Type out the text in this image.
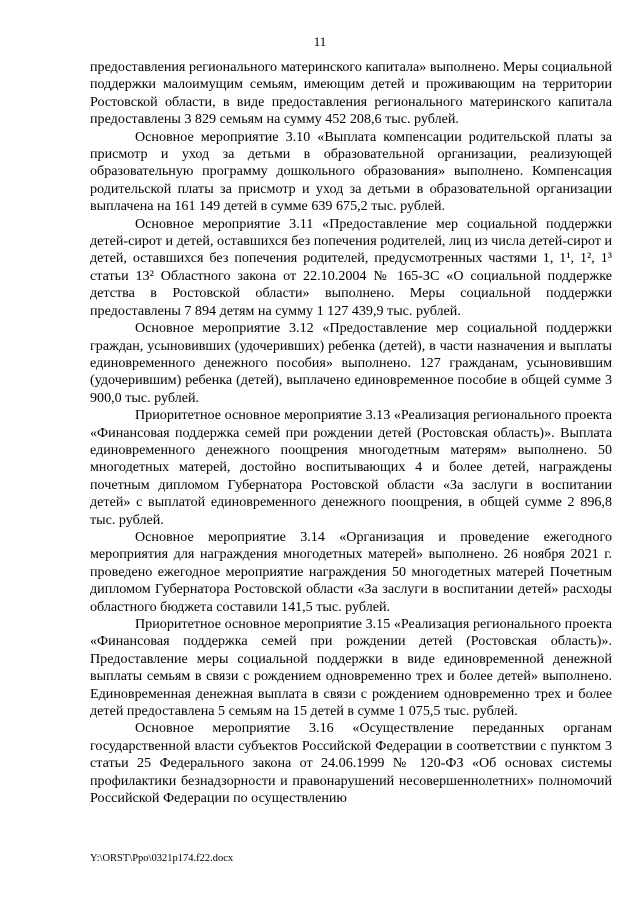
11

предоставления регионального материнского капитала» выполнено. Меры социальной поддержки малоимущим семьям, имеющим детей и проживающим на территории Ростовской области, в виде предоставления регионального материнского капитала предоставлены 3 829 семьям на сумму 452 208,6 тыс. рублей.

Основное мероприятие 3.10 «Выплата компенсации родительской платы за присмотр и уход за детьми в образовательной организации, реализующей образовательную программу дошкольного образования» выполнено. Компенсация родительской платы за присмотр и уход за детьми в образовательной организации выплачена на 161 149 детей в сумме 639 675,2 тыс. рублей.

Основное мероприятие 3.11 «Предоставление мер социальной поддержки детей-сирот и детей, оставшихся без попечения родителей, лиц из числа детей-сирот и детей, оставшихся без попечения родителей, предусмотренных частями 1, 1¹, 1², 1³ статьи 13² Областного закона от 22.10.2004 № 165-ЗС «О социальной поддержке детства в Ростовской области» выполнено. Меры социальной поддержки предоставлены 7 894 детям на сумму 1 127 439,9 тыс. рублей.

Основное мероприятие 3.12 «Предоставление мер социальной поддержки граждан, усыновивших (удочеривших) ребенка (детей), в части назначения и выплаты единовременного денежного пособия» выполнено. 127 гражданам, усыновившим (удочерившим) ребенка (детей), выплачено единовременное пособие в общей сумме 3 900,0 тыс. рублей.

Приоритетное основное мероприятие 3.13 «Реализация регионального проекта «Финансовая поддержка семей при рождении детей (Ростовская область)». Выплата единовременного денежного поощрения многодетным матерям» выполнено. 50 многодетных матерей, достойно воспитывающих 4 и более детей, награждены почетным дипломом Губернатора Ростовской области «За заслуги в воспитании детей» с выплатой единовременного денежного поощрения, в общей сумме 2 896,8 тыс. рублей.

Основное мероприятие 3.14 «Организация и проведение ежегодного мероприятия для награждения многодетных матерей» выполнено. 26 ноября 2021 г. проведено ежегодное мероприятие награждения 50 многодетных матерей Почетным дипломом Губернатора Ростовской области «За заслуги в воспитании детей» расходы областного бюджета составили 141,5 тыс. рублей.

Приоритетное основное мероприятие 3.15 «Реализация регионального проекта «Финансовая поддержка семей при рождении детей (Ростовская область)». Предоставление меры социальной поддержки в виде единовременной денежной выплаты семьям в связи с рождением одновременно трех и более детей» выполнено. Единовременная денежная выплата в связи с рождением одновременно трех и более детей предоставлена 5 семьям на 15 детей в сумме 1 075,5 тыс. рублей.

Основное мероприятие 3.16 «Осуществление переданных органам государственной власти субъектов Российской Федерации в соответствии с пунктом 3 статьи 25 Федерального закона от 24.06.1999 № 120-ФЗ «Об основах системы профилактики безнадзорности и правонарушений несовершеннолетних» полномочий Российской Федерации по осуществлению

Y:\ORST\Ppo\0321p174.f22.docx
